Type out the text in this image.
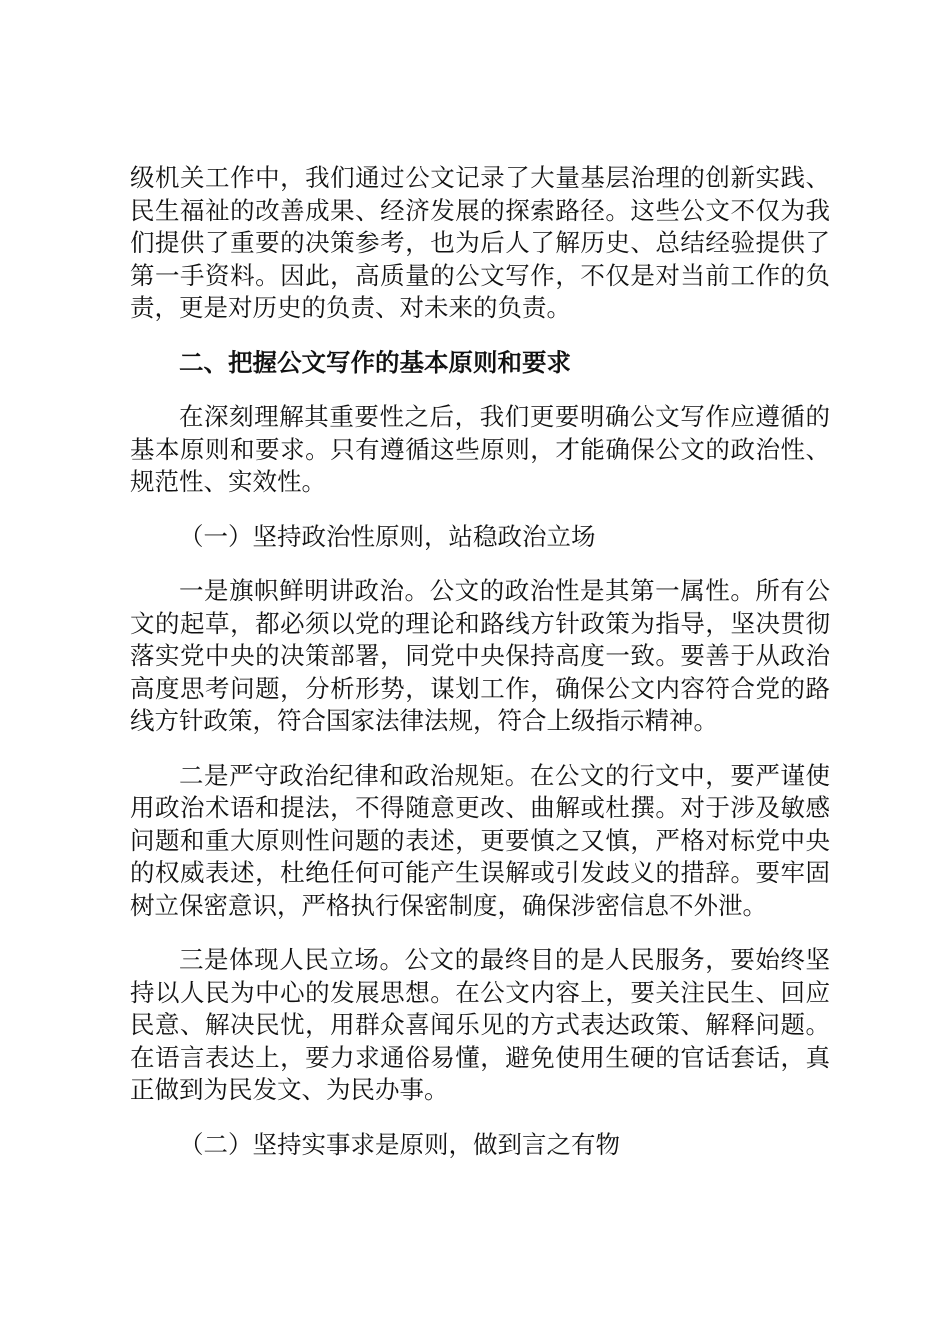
级机关工作中，我们通过公文记录了大量基层治理的创新实践、民生福祉的改善成果、经济发展的探索路径。这些公文不仅为我们提供了重要的决策参考，也为后人了解历史、总结经验提供了第一手资料。因此，高质量的公文写作，不仅是对当前工作的负责，更是对历史的负责、对未来的负责。

二、把握公文写作的基本原则和要求

在深刻理解其重要性之后，我们更要明确公文写作应遵循的基本原则和要求。只有遵循这些原则，才能确保公文的政治性、规范性、实效性。

（一）坚持政治性原则，站稳政治立场

一是旗帜鲜明讲政治。公文的政治性是其第一属性。所有公文的起草，都必须以党的理论和路线方针政策为指导，坚决贯彻落实党中央的决策部署，同党中央保持高度一致。要善于从政治高度思考问题，分析形势，谋划工作，确保公文内容符合党的路线方针政策，符合国家法律法规，符合上级指示精神。

二是严守政治纪律和政治规矩。在公文的行文中，要严谨使用政治术语和提法，不得随意更改、曲解或杜撰。对于涉及敏感问题和重大原则性问题的表述，更要慎之又慎，严格对标党中央的权威表述，杜绝任何可能产生误解或引发歧义的措辞。要牢固树立保密意识，严格执行保密制度，确保涉密信息不外泄。

三是体现人民立场。公文的最终目的是人民服务，要始终坚持以人民为中心的发展思想。在公文内容上，要关注民生、回应民意、解决民忧，用群众喜闻乐见的方式表达政策、解释问题。在语言表达上，要力求通俗易懂，避免使用生硬的官话套话，真正做到为民发文、为民办事。

（二）坚持实事求是原则，做到言之有物
